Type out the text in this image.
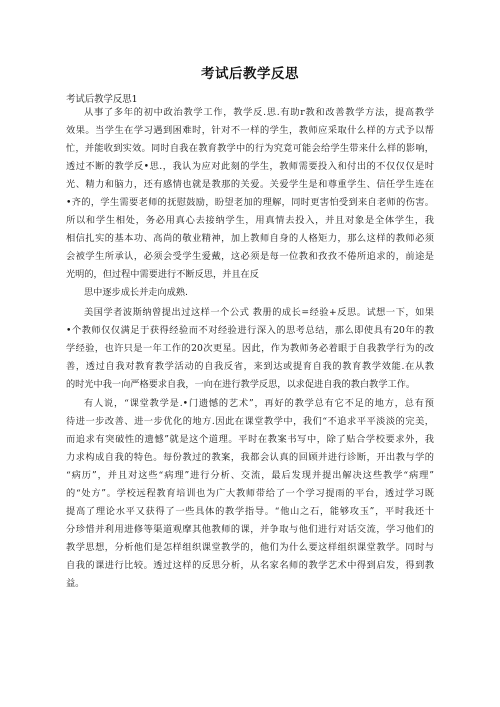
考试后教学反思
考试后教学反思1
从事了多年的初中政治教学工作，教学反.思.有助r教和改善教学方法，提高教学
效果。当学生在学习遇到困难时，针对不一样的学生，教师应采取什么样的方式予以帮
忙，并能收到实效。同时自我在教育教学中的行为究竟可能会给学生带来什么样的影响，
透过不断的教学反•思.，我认为应对此刻的学生，教师需要投入和付出的不仅仅仅是时
光、精力和脑力，还有感情也就是教那的关爱。关爱学生是和尊重学生、信任学生连在
•齐的，学生需要老师的抚慰鼓励，盼望老加的理解，同时更害怕受到来自老师的伤害。
所以和学生相处，务必用真心去接纳学生，用真情去投入，并且对象是全体学生，我
相信扎实的基本功、高尚的敬业精神，加上教师自身的人格矩力，那么这样的教师必须
会被学生所承认，必须会受学生爱戴，这必须是每一位教和孜孜不倦所追求的，前途是
光明的，但过程中需要进行不断反思，并且在反
思中逐步成长并走向成熟.
美国学者波斯纳曾提出过这样一个公式 教册的成长=经验+反思。试想一下，如果
•个教师仅仅满足于获得经验而不对经验进行深入的思考总结，那么即使具有20年的教
学经验，也许只是一年工作的20次更星。因此，作为教师务必着眼于自我教学行为的改
善，透过自我对教育教学活动的自我反省，来到达或提育自我的教育教学效能.在从教
的时光中我一向严格要求自我，一向在进行教学反思，以求促进自我的教白教学工作。
有人说，“课堂教学是.•门遗憾的艺术”，再好的教学总有它不足的地方，总有预
待进一步改善、进一步优化的地方.因此在课堂教学中，我们“不追求平平淡淡的完美，
而追求有突破性的遗憾”就是这个道理。平时在教案书写中，除了贴合学校要求外，我
力求构成自我的特色。每份教过的教案，我都会认真的回顾并进行诊断，开出教与学的
“病历”，并且对这些“病理”进行分析、交流，最后发现并提出解决这些教学“病理”
的“处方”。学校远程教育培训也为广大教师带给了一个学习提雨的平台，透过学习既
提高了理论水平又获得了一些具体的教学指导。“他山之石，能够攻玉”，平时我还十
分珍惜并利用进修等渠道观摩其他教师的课，并争取与他们进行对话交流，学习他们的
教学思想，分析他们是怎样组织课堂教学的，他们为什么要这样组织课堂教学。同时与
自我的课进行比较。透过这样的反思分析，从名家名师的教学艺术中得到启发，得到教
益。
